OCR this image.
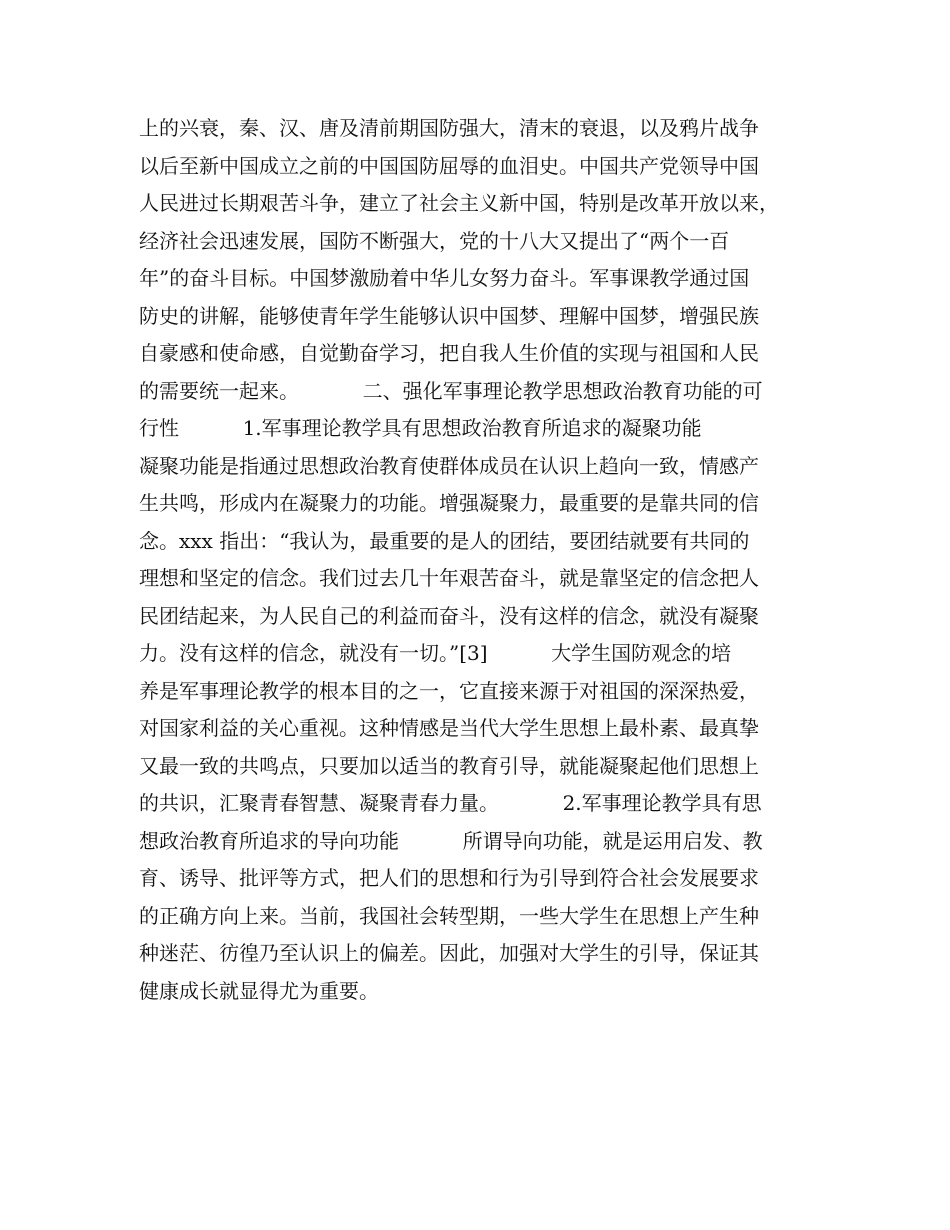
上的兴衰，秦、汉、唐及清前期国防强大，清末的衰退，以及鸦片战争
以后至新中国成立之前的中国国防屈辱的血泪史。中国共产党领导中国
人民进过长期艰苦斗争，建立了社会主义新中国，特别是改革开放以来，
经济社会迅速发展，国防不断强大，党的十八大又提出了“两个一百
年”的奋斗目标。中国梦激励着中华儿女努力奋斗。军事课教学通过国
防史的讲解，能够使青年学生能够认识中国梦、理解中国梦，增强民族
自豪感和使命感，自觉勤奋学习，把自我人生价值的实现与祖国和人民
的需要统一起来。          二、强化军事理论教学思想政治教育功能的可
行性          1.军事理论教学具有思想政治教育所追求的凝聚功能
凝聚功能是指通过思想政治教育使群体成员在认识上趋向一致，情感产
生共鸣，形成内在凝聚力的功能。增强凝聚力，最重要的是靠共同的信
念。xxx 指出：“我认为，最重要的是人的团结，要团结就要有共同的
理想和坚定的信念。我们过去几十年艰苦奋斗，就是靠坚定的信念把人
民团结起来，为人民自己的利益而奋斗，没有这样的信念，就没有凝聚
力。没有这样的信念，就没有一切。”[3]          大学生国防观念的培
养是军事理论教学的根本目的之一，它直接来源于对祖国的深深热爱，
对国家利益的关心重视。这种情感是当代大学生思想上最朴素、最真挚
又最一致的共鸣点，只要加以适当的教育引导，就能凝聚起他们思想上
的共识，汇聚青春智慧、凝聚青春力量。          2.军事理论教学具有思
想政治教育所追求的导向功能          所谓导向功能，就是运用启发、教
育、诱导、批评等方式，把人们的思想和行为引导到符合社会发展要求
的正确方向上来。当前，我国社会转型期，一些大学生在思想上产生种
种迷茫、彷徨乃至认识上的偏差。因此，加强对大学生的引导，保证其
健康成长就显得尤为重要。
